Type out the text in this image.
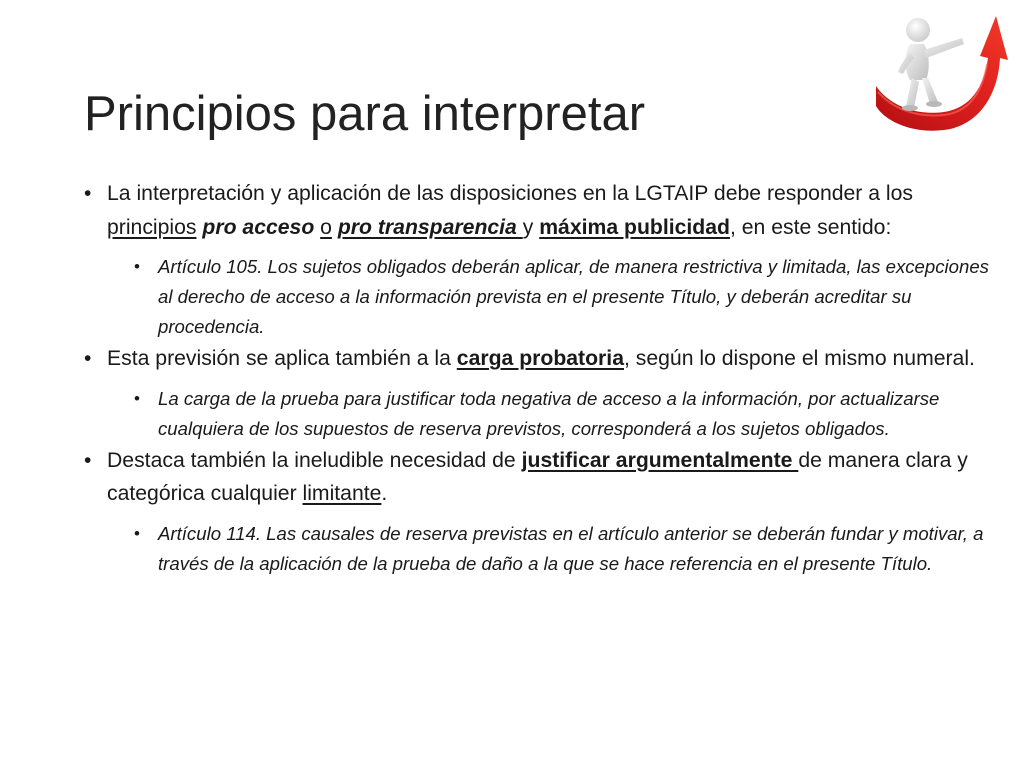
Principios para interpretar
• La interpretación y aplicación de las disposiciones en la LGTAIP debe responder a los principios pro acceso o pro transparencia y máxima publicidad, en este sentido:
• Artículo 105. Los sujetos obligados deberán aplicar, de manera restrictiva y limitada, las excepciones al derecho de acceso a la información prevista en el presente Título, y deberán acreditar su procedencia.
• Esta previsión se aplica también a la carga probatoria, según lo dispone el mismo numeral.
• La carga de la prueba para justificar toda negativa de acceso a la información, por actualizarse cualquiera de los supuestos de reserva previstos, corresponderá a los sujetos obligados.
• Destaca también la ineludible necesidad de justificar argumentalmente de manera clara y categórica cualquier limitante.
• Artículo 114. Las causales de reserva previstas en el artículo anterior se deberán fundar y motivar, a través de la aplicación de la prueba de daño a la que se hace referencia en el presente Título.
